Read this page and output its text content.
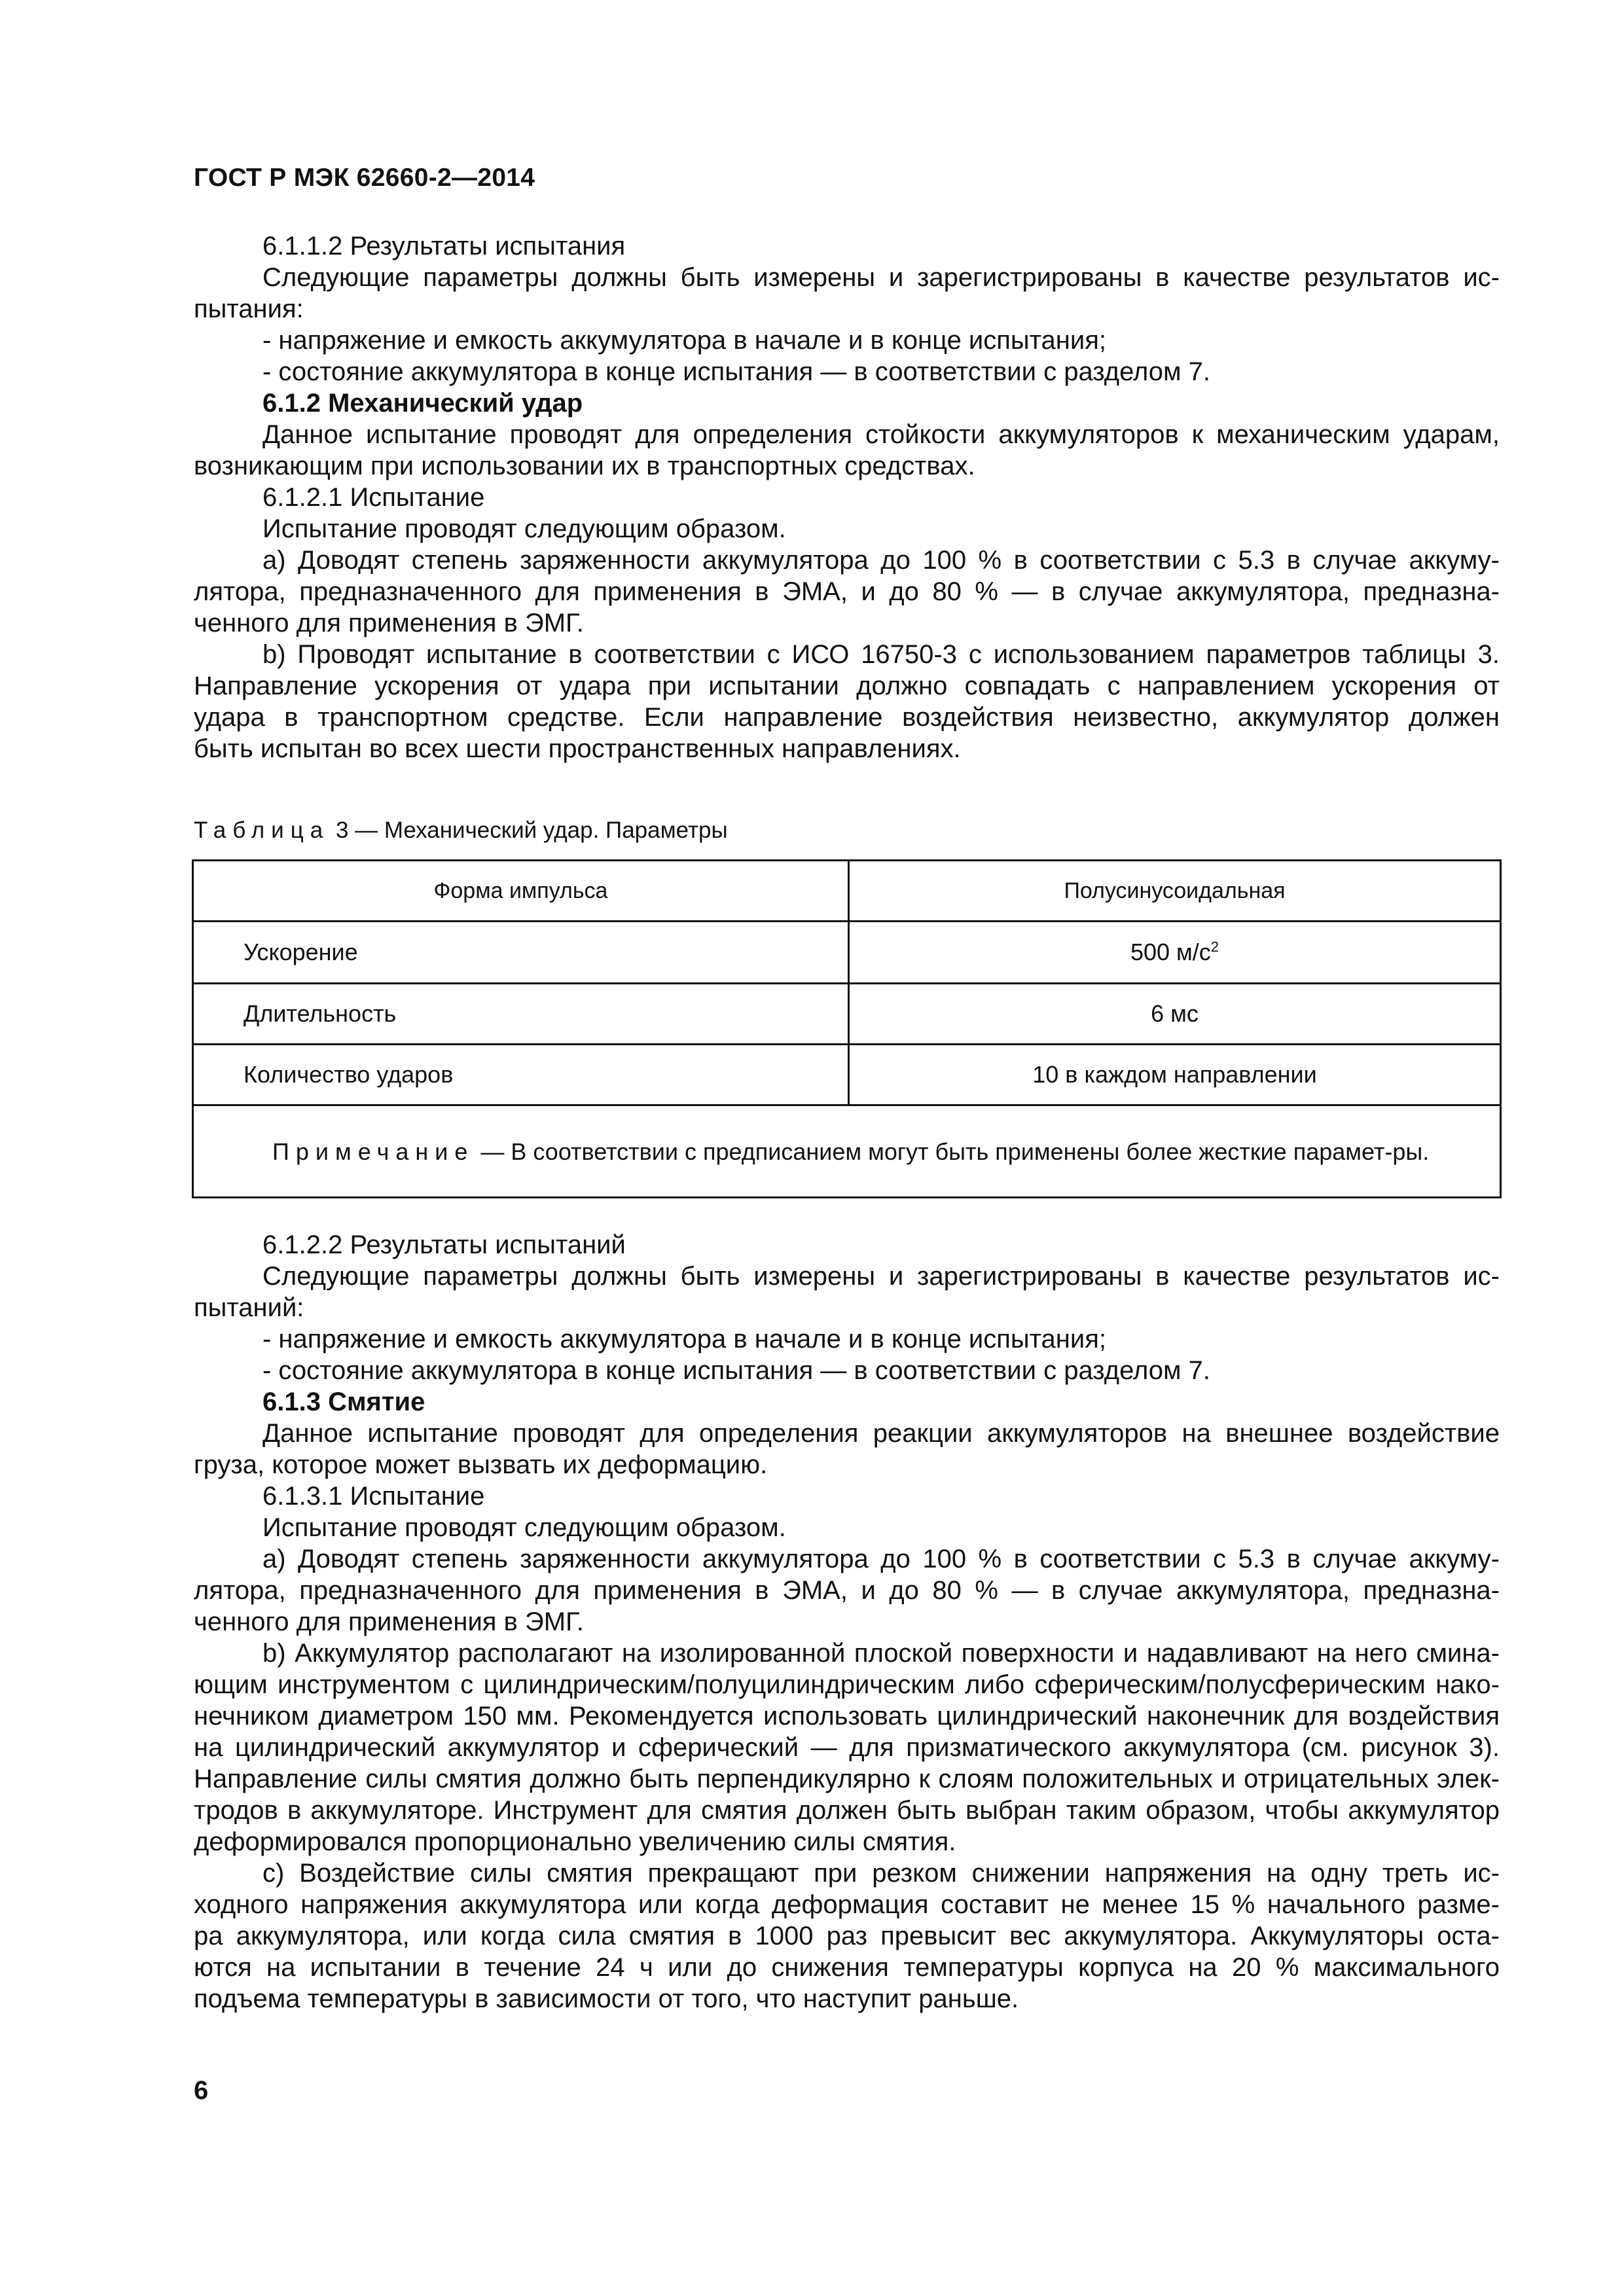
ГОСТ Р МЭК 62660-2—2014

6.1.1.2 Результаты испытания

Следующие параметры должны быть измерены и зарегистрированы в качестве результатов ис-

пытания:

- напряжение и емкость аккумулятора в начале и в конце испытания;

- состояние аккумулятора в конце испытания — в соответствии с разделом 7.

6.1.2 Механический удар

Данное испытание проводят для определения стойкости аккумуляторов к механическим ударам,

возникающим при использовании их в транспортных средствах.

6.1.2.1 Испытание

Испытание проводят следующим образом.

a) Доводят степень заряженности аккумулятора до 100 % в соответствии с 5.3 в случае аккуму-

лятора, предназначенного для применения в ЭМА, и до 80 % — в случае аккумулятора, предназна-

ченного для применения в ЭМГ.

b) Проводят испытание в соответствии с ИСО 16750-3 с использованием параметров таблицы 3.

Направление ускорения от удара при испытании должно совпадать с направлением ускорения от

удара в транспортном средстве. Если направление воздействия неизвестно, аккумулятор должен

быть испытан во всех шести пространственных направлениях.

Таблица 3 — Механический удар. Параметры
Форма импульса	Полусинусоидальная
Ускорение	500 $м/с^2$
Длительность	6 мс
Количество ударов	10 в каждом направлении
Примечание — В соответствии с предписанием могут быть применены более жесткие парамет-ры.	

6.1.2.2 Результаты испытаний

Следующие параметры должны быть измерены и зарегистрированы в качестве результатов ис-

пытаний:

- напряжение и емкость аккумулятора в начале и в конце испытания;

- состояние аккумулятора в конце испытания — в соответствии с разделом 7.

6.1.3 Смятие

Данное испытание проводят для определения реакции аккумуляторов на внешнее воздействие

груза, которое может вызвать их деформацию.

6.1.3.1 Испытание

Испытание проводят следующим образом.

a) Доводят степень заряженности аккумулятора до 100 % в соответствии с 5.3 в случае аккуму-

лятора, предназначенного для применения в ЭМА, и до 80 % — в случае аккумулятора, предназна-

ченного для применения в ЭМГ.

b) Аккумулятор располагают на изолированной плоской поверхности и надавливают на него смина-

ющим инструментом с цилиндрическим/полуцилиндрическим либо сферическим/полусферическим нако-

нечником диаметром 150 мм. Рекомендуется использовать цилиндрический наконечник для воздействия

на цилиндрический аккумулятор и сферический — для призматического аккумулятора (см. рисунок 3).

Направление силы смятия должно быть перпендикулярно к слоям положительных и отрицательных элек-

тродов в аккумуляторе. Инструмент для смятия должен быть выбран таким образом, чтобы аккумулятор

деформировался пропорционально увеличению силы смятия.

c) Воздействие силы смятия прекращают при резком снижении напряжения на одну треть ис-

ходного напряжения аккумулятора или когда деформация составит не менее 15 % начального разме-

ра аккумулятора, или когда сила смятия в 1000 раз превысит вес аккумулятора. Аккумуляторы оста-

ются на испытании в течение 24 ч или до снижения температуры корпуса на 20 % максимального

подъема температуры в зависимости от того, что наступит раньше.

6
